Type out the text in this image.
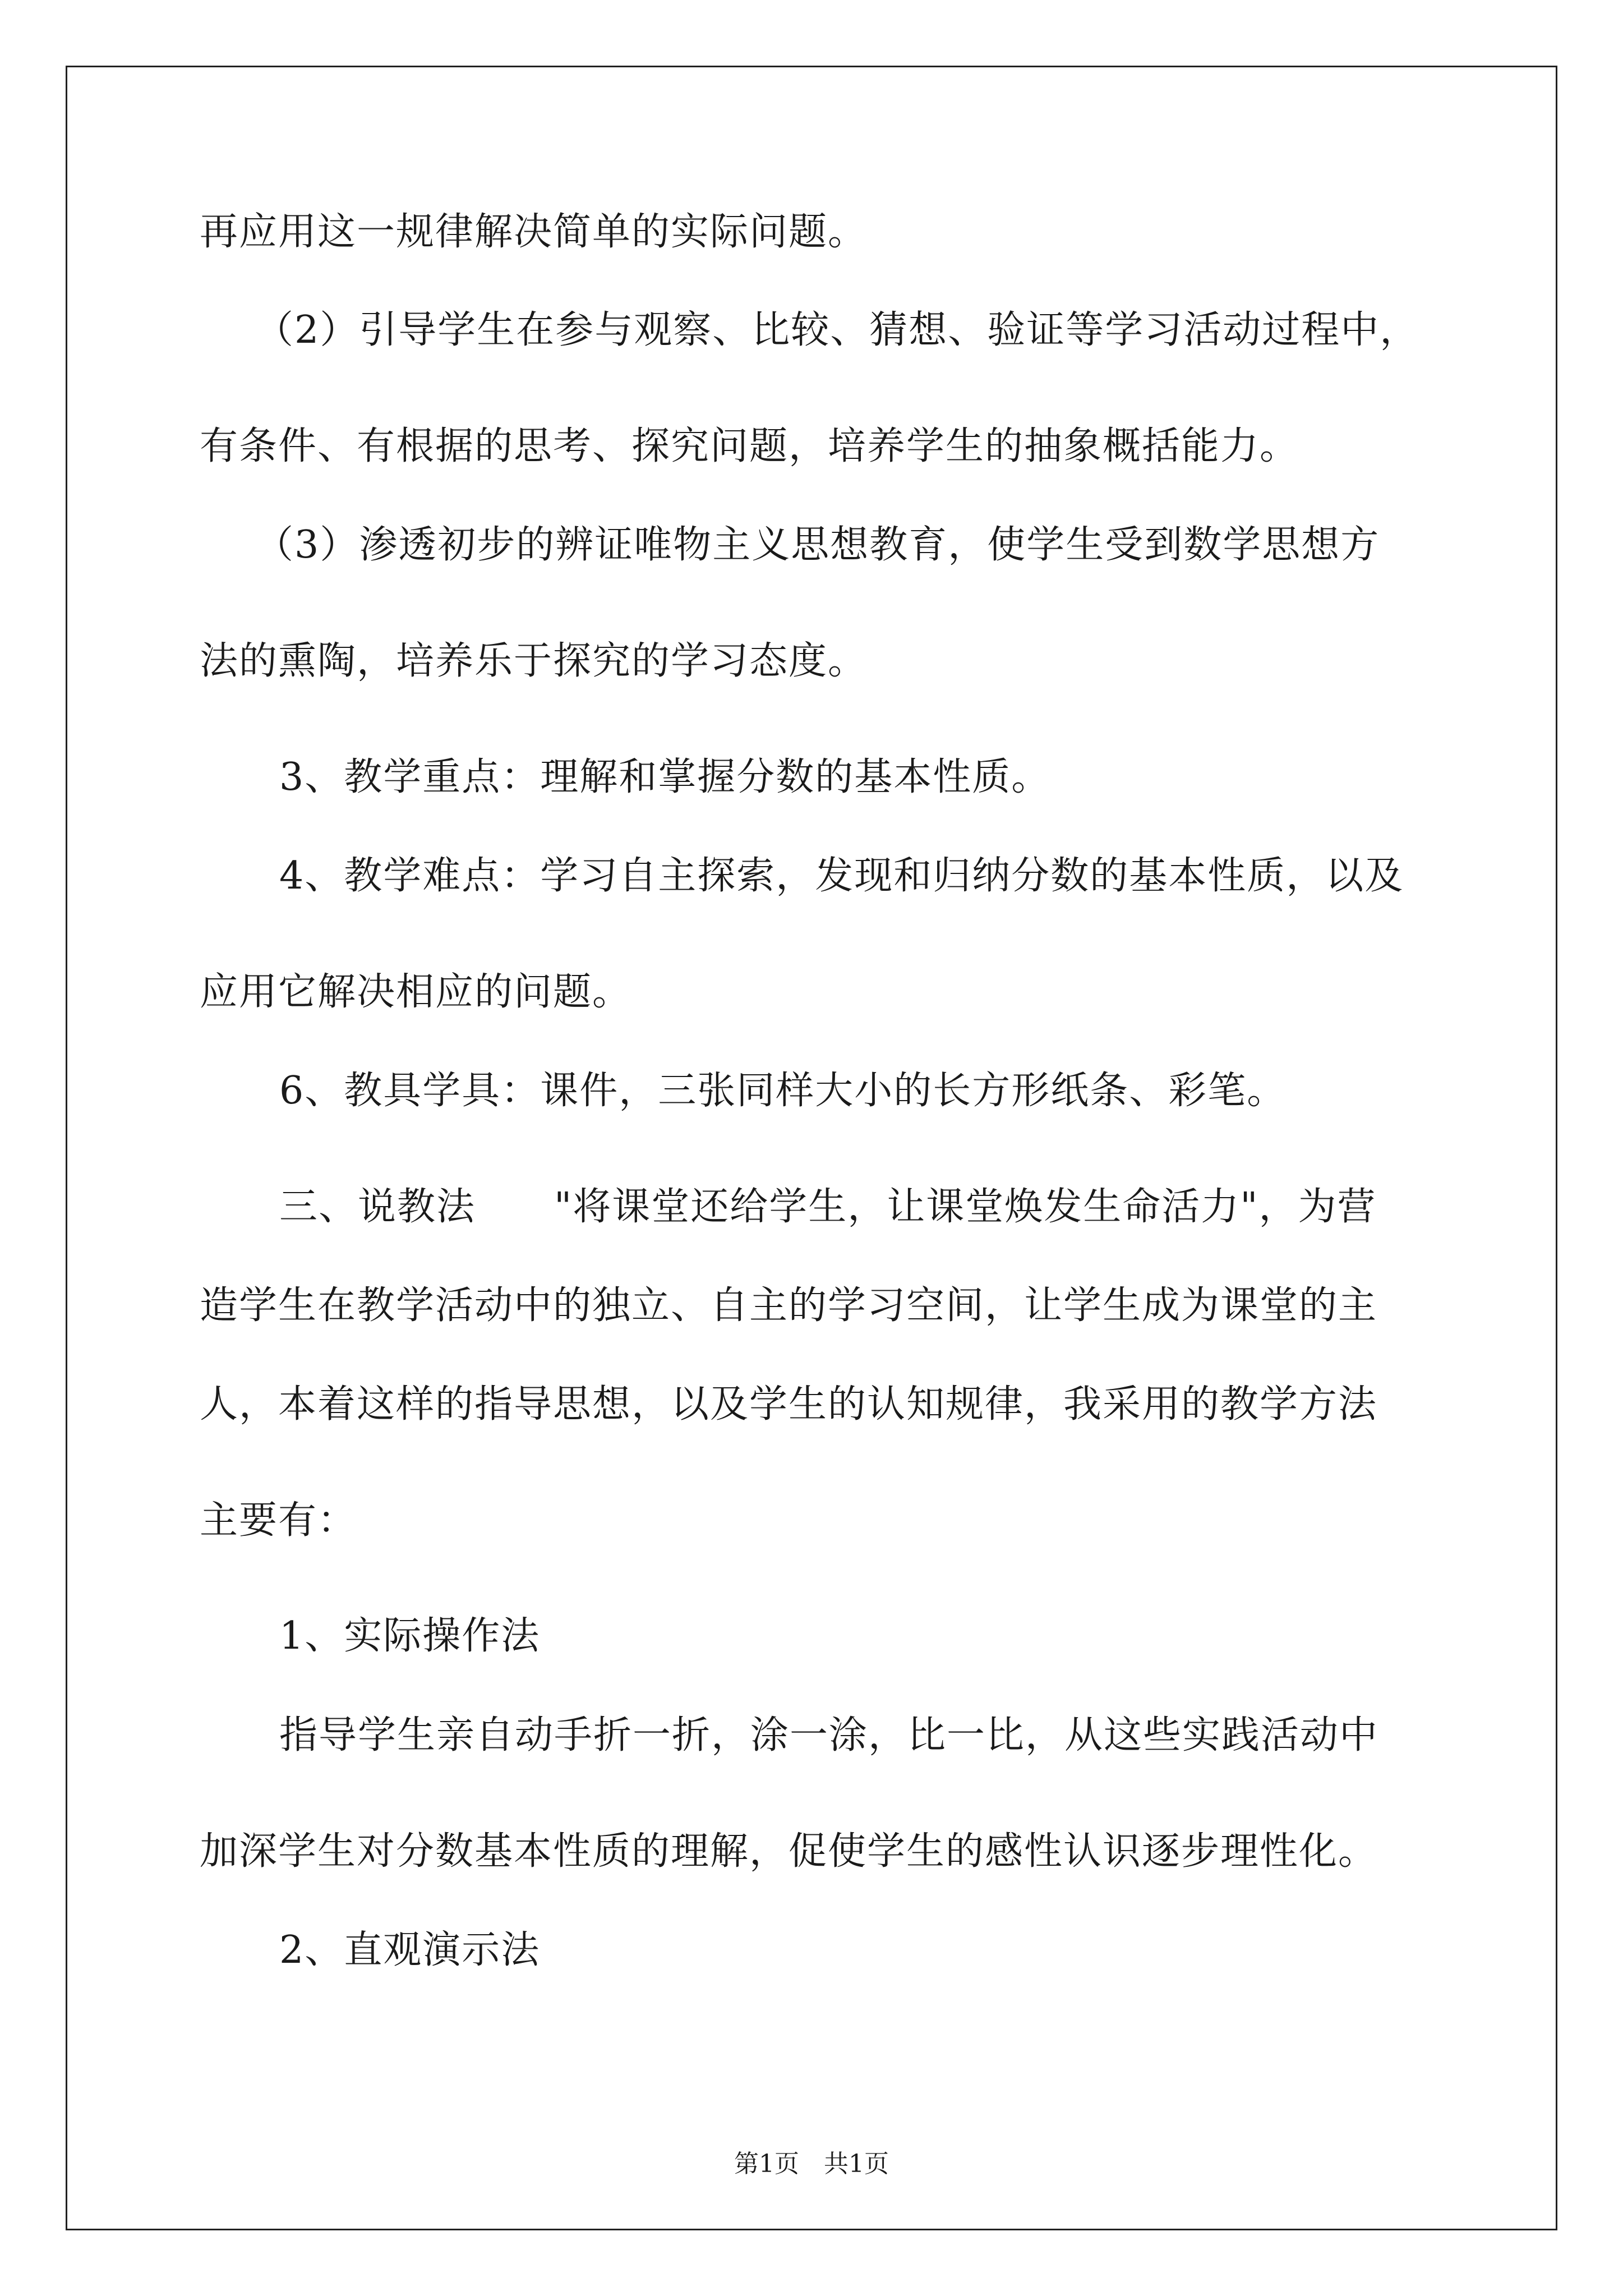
再应用这一规律解决简单的实际问题。
（2）引导学生在参与观察、比较、猜想、验证等学习活动过程中，
有条件、有根据的思考、探究问题，培养学生的抽象概括能力。
（3）渗透初步的辨证唯物主义思想教育，使学生受到数学思想方
法的熏陶，培养乐于探究的学习态度。
3、教学重点：理解和掌握分数的基本性质。
4、教学难点：学习自主探索，发现和归纳分数的基本性质，以及
应用它解决相应的问题。
6、教具学具：课件，三张同样大小的长方形纸条、彩笔。
三、说教法　　"将课堂还给学生，让课堂焕发生命活力"，为营
造学生在教学活动中的独立、自主的学习空间，让学生成为课堂的主
人，本着这样的指导思想，以及学生的认知规律，我采用的教学方法
主要有：
1、实际操作法
指导学生亲自动手折一折，涂一涂，比一比，从这些实践活动中
加深学生对分数基本性质的理解，促使学生的感性认识逐步理性化。
2、直观演示法
第1页　共1页
